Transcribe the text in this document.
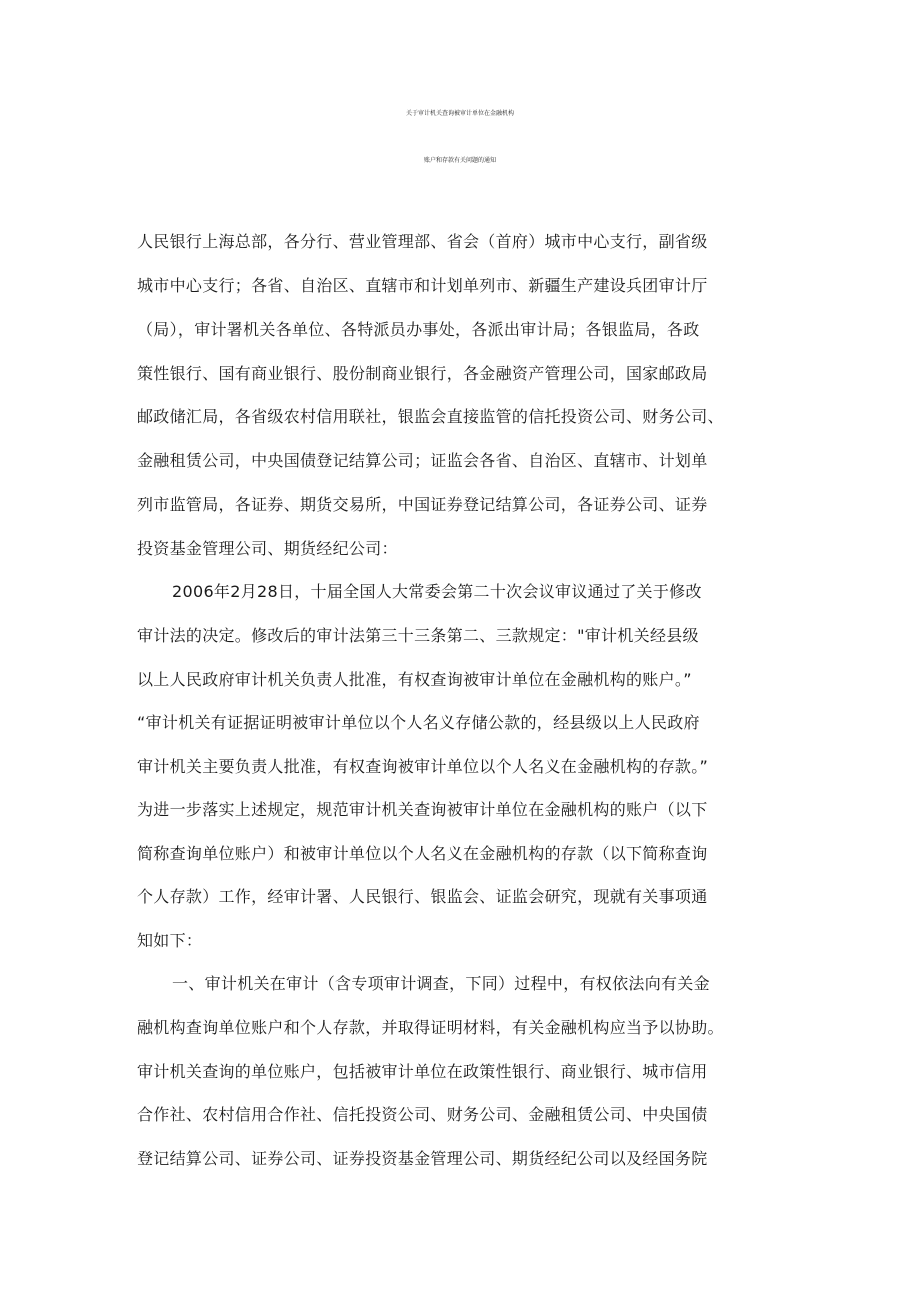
关于审计机关查询被审计单位在金融机构
账户和存款有关问题的通知
人民银行上海总部，各分行、营业管理部、省会（首府）城市中心支行，副省级
城市中心支行；各省、自治区、直辖市和计划单列市、新疆生产建设兵团审计厅
（局），审计署机关各单位、各特派员办事处，各派出审计局；各银监局，各政
策性银行、国有商业银行、股份制商业银行，各金融资产管理公司，国家邮政局
邮政储汇局，各省级农村信用联社，银监会直接监管的信托投资公司、财务公司、
金融租赁公司，中央国债登记结算公司；证监会各省、自治区、直辖市、计划单
列市监管局，各证券、期货交易所，中国证券登记结算公司，各证券公司、证券
投资基金管理公司、期货经纪公司：
2006年2月28日，十届全国人大常委会第二十次会议审议通过了关于修改
审计法的决定。修改后的审计法第三十三条第二、三款规定："审计机关经县级
以上人民政府审计机关负责人批准，有权查询被审计单位在金融机构的账户。”
“审计机关有证据证明被审计单位以个人名义存储公款的，经县级以上人民政府
审计机关主要负责人批准，有权查询被审计单位以个人名义在金融机构的存款。”
为进一步落实上述规定，规范审计机关查询被审计单位在金融机构的账户（以下
简称查询单位账户）和被审计单位以个人名义在金融机构的存款（以下简称查询
个人存款）工作，经审计署、人民银行、银监会、证监会研究，现就有关事项通
知如下：
一、审计机关在审计（含专项审计调查，下同）过程中，有权依法向有关金
融机构查询单位账户和个人存款，并取得证明材料，有关金融机构应当予以协助。
审计机关查询的单位账户，包括被审计单位在政策性银行、商业银行、城市信用
合作社、农村信用合作社、信托投资公司、财务公司、金融租赁公司、中央国债
登记结算公司、证券公司、证券投资基金管理公司、期货经纪公司以及经国务院
